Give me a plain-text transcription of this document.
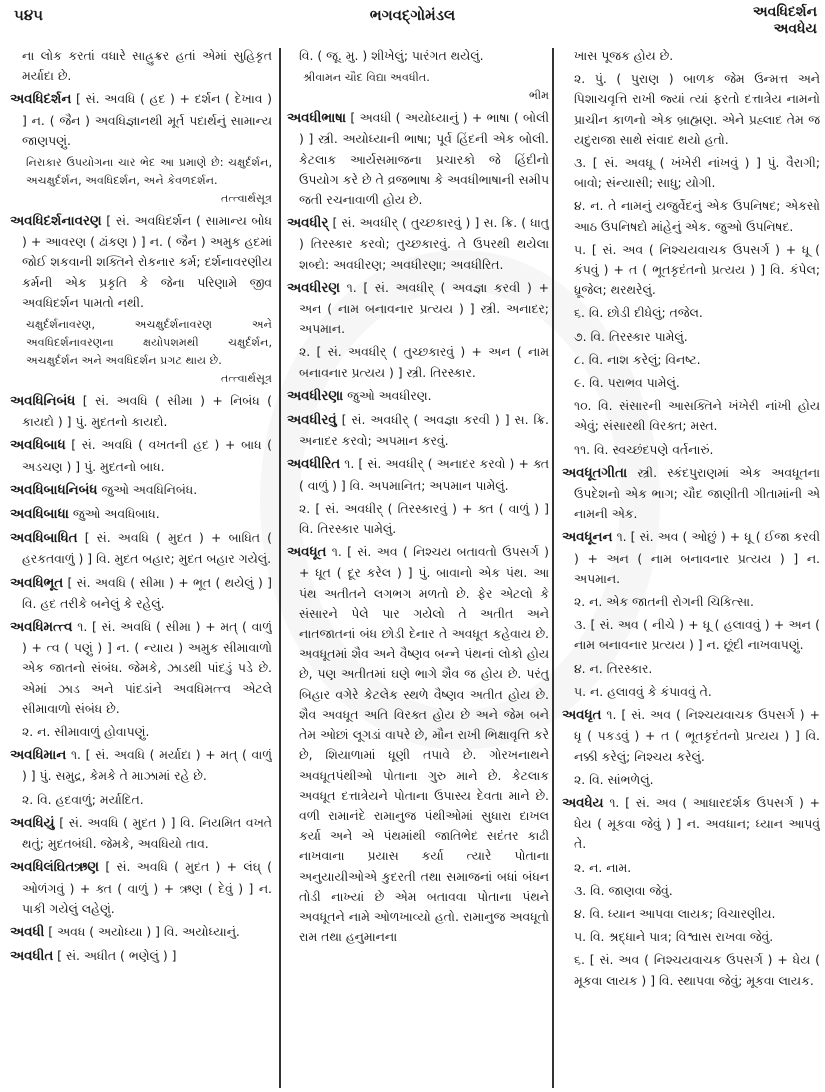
૫૪૫	ભગવદ્ગોમંડલ	અવધિદર્શન
અવધેય
ના લોક કરતાં વધારે સાહ્રુક્રર હતાં એમાં સુહિકૃત મર્યાદા છે.
અવધિદર્શન [ સં. અવધિ ( હદ ) + દર્શન ( દેખાવ ) ] ન. ( જૈન ) અવધિજ્ઞાનથી મૂર્ત પદાર્થનું સામાન્ય જાણપણું.
નિરાકાર ઉપયોગના ચાર ભેદ આ પ્રમાણે છે: ચક્ષુર્દર્શન, અચક્ષુર્દર્શન, અવધિદર્શન, અને કેવળદર્શન.
તત્ત્વાર્થસૂત્ર
અવધિદર્શનાવરણ [ સં. અવધિદર્શન ( સામાન્ય બોધ ) + આવરણ ( ઢાંકણ ) ] ન. ( જૈન ) અમુક હદમાં જોઈ શકવાની શક્તિને રોકનાર કર્મ; દર્શનાવરણીય કર્મની એક પ્રકૃતિ કે જેના પરિણામે જીવ અવધિદર્શન પામતો નથી.
ચક્ષુર્દર્શનાવરણ, અચક્ષુર્દર્શનાવરણ અને અવધિદર્શનાવરણના ક્ષયોપશમથી ચક્ષુર્દર્શન, અચક્ષુર્દર્શન અને અવધિદર્શન પ્રગટ થાય છે.
તત્ત્વાર્થસૂત્ર
અવધિનિબંધ [ સં. અવધિ ( સીમા ) + નિબંધ ( કાયદો ) ] પું. મુદતનો કાયદો.
અવધિબાધ [ સં. અવધિ ( વખતની હદ ) + બાધ ( અડચણ ) ] પું. મુદતનો બાધ.
અવધિબાધનિબંધ જુઓ અવધિનિબંધ.
અવધિબાધા જુઓ અવધિબાધ.
અવધિબાધિત [ સં. અવધિ ( મુદત ) + બાધિત ( હરકતવાળું ) ] વિ. મુદત બહાર; મુદત બહાર ગયેલું.
અવધિભૂત [ સં. અવધિ ( સીમા ) + ભૂત ( થયેલું ) ] વિ. હદ તરીકે બનેલું કે રહેલું.
અવધિમત્ત્વ ૧. [ સં. અવધિ ( સીમા ) + મત્ ( વાળું ) + ત્વ ( પણું ) ] ન. ( ન્યાય ) અમુક સીમાવાળો એક જાતનો સંબંધ. જેમકે, ઝાડથી પાંદડું પડે છે. એમાં ઝાડ અને પાંદડાંને અવધિમત્ત્વ એટલે સીમાવાળો સંબંધ છે.
૨. ન. સીમાવાળું હોવાપણું.
અવધિમાન ૧. [ સં. અવધિ ( મર્યાદા ) + મત્ ( વાળું ) ] પું. સમુદ્ર, કેમકે તે માઝામાં રહે છે.
૨. વિ. હદવાળું; મર્યાદિત.
અવધિયું [ સં. અવધિ ( મુદત ) ] વિ. નિયમિત વખતે થતું; મુદતબંધી. જેમકે, અવધિયો તાવ.
અવધિલંઘિતઋણ [ સં. અવધિ ( મુદત ) + લંઘ્ ( ઓળંગવું ) + ક્ત ( વાળું ) + ઋણ ( દેવું ) ] ન. પાકી ગયેલું લહેણું.
અવધી [ અવધ ( અયોધ્યા ) ] વિ. અયોધ્યાનું.
અવધીત [ સં. અધીત ( ભણેલું ) ]
વિ. ( જૂ. મુ. ) શીખેલું; પારંગત થયેલું.
શ્રીવામન ચૌદ વિદ્યા અવધીત.
ભીમ
અવધીભાષા [ અવધી ( અયોધ્યાનું ) + ભાષા ( બોલી ) ] સ્ત્રી. અયોધ્યાની ભાષા; પૂર્વ હિંદની એક બોલી. કેટલાક આર્યસમાજના પ્રચારકો જે હિંદીનો ઉપયોગ કરે છે તે વ્રજભાષા કે અવધીભાષાની સમીપ જતી રચનાવાળી હોય છે.
અવધીર્ [ સં. અવધીર્ ( તુચ્છકારવું ) ] સ. ક્રિ. ( ધાતુ ) તિરસ્કાર કરવો; તુચ્છકારવું. તે ઉપરથી થયેલા શબ્દો: અવધીરણ; અવધીરણા; અવધીરિત.
અવધીરણ ૧. [ સં. અવધીર્ ( અવજ્ઞા કરવી ) + અન ( નામ બનાવનાર પ્રત્યય ) ] સ્ત્રી. અનાદર; અપમાન.
૨. [ સં. અવધીર્ ( તુચ્છકારવું ) + અન ( નામ બનાવનાર પ્રત્યય ) ] સ્ત્રી. તિરસ્કાર.
અવધીરણા જુઓ અવધીરણ.
અવધીરવું [ સં. અવધીર્ ( અવજ્ઞા કરવી ) ] સ. ક્રિ. અનાદર કરવો; અપમાન કરવું.
અવધીરિત ૧. [ સં. અવધીર્ ( અનાદર કરવો ) + ક્ત ( વાળું ) ] વિ. અપમાનિત; અપમાન પામેલું.
૨. [ સં. અવધીર્ ( તિરસ્કારવું ) + ક્ત ( વાળું ) ] વિ. તિરસ્કાર પામેલું.
અવધૂત ૧. [ સં. અવ ( નિશ્ચય બતાવતો ઉપસર્ગ ) + ધૂત ( દૂર કરેલ ) ] પું. બાવાનો એક પંથ. આ પંથ અતીતને લગભગ મળતો છે. ફેર એટલો કે સંસારને પેલે પાર ગયેલો તે અતીત અને નાતજાતનાં બંધ છોડી દેનાર તે અવધૂત કહેવાય છે. અવધૂતમાં શૈવ અને વૈષ્ણવ બન્ને પંથનાં લોકો હોય છે, પણ અતીતમાં ઘણે ભાગે શૈવ જ હોય છે. પરંતુ બિહાર વગેરે કેટલેક સ્થળે વૈષ્ણવ અતીત હોય છે. શૈવ અવધૂત અતિ વિરક્ત હોય છે અને જેમ બને તેમ ઓછાં લૂગડાં વાપરે છે, મૌન રાખી ભિક્ષાવૃત્તિ કરે છે, શિયાળામાં ધૂણી તપાવે છે. ગોરખનાથને અવધૂતપંથીઓ પોતાના ગુરુ માને છે. કેટલાક અવધૂત દત્તાત્રેયને પોતાના ઉપાસ્ય દેવતા માને છે. વળી રામાનંદે રામાનુજ પંથીઓમાં સુધારા દાખલ કર્યા અને એ પંથમાંથી જાતિભેદ સદંતર કાઢી નાખવાના પ્રયાસ કર્યા ત્યારે પોતાના અનુયાયીઓએ કુદરતી તથા સમાજનાં બધાં બંધન તોડી નાખ્યાં છે એમ બતાવવા પોતાના પંથને અવધૂતને નામે ઓળખાવ્યો હતો. રામાનુજ અવધૂતો રામ તથા હનુમાનના
ખાસ પૂજક હોય છે.
૨. પું. ( પુરાણ ) બાળક જેમ ઉન્મત્ત અને પિશાચવૃત્તિ રાખી જ્યાં ત્યાં ફરતો દત્તાત્રેય નામનો પ્રાચીન કાળનો એક બ્રાહ્મણ. એને પ્રહ્લાદ તેમ જ યદુરાજા સાથે સંવાદ થયો હતો.
૩. [ સં. અવધૂ ( ખંખેરી નાંખવું ) ] પું. વૈરાગી; બાવો; સંન્યાસી; સાધુ; યોગી.
૪. ન. તે નામનું યજુર્વેદનું એક ઉપનિષદ; એકસો આઠ ઉપનિષદો માંહેનું એક. જુઓ ઉપનિષદ.
૫. [ સં. અવ ( નિશ્ચયવાચક ઉપસર્ગ ) + ધૂ ( કંપવું ) + ત ( ભૂતકૃદંતનો પ્રત્યય ) ] વિ. કંપેલ; ધ્રૂજેલ; થરથરેલું.
૬. વિ. છોડી દીધેલું; તજેલ.
૭. વિ. તિરસ્કાર પામેલું.
૮. વિ. નાશ કરેલું; વિનષ્ટ.
૯. વિ. પરાભવ પામેલું.
૧૦. વિ. સંસારની આસક્તિને ખંખેરી નાંખી હોય એવું; સંસારથી વિરક્ત; મસ્ત.
૧૧. વિ. સ્વચ્છંદપણે વર્તનારું.
અવધૂતગીતા સ્ત્રી. સ્કંદપુરાણમાં એક અવધૂતના ઉપદેશનો એક ભાગ; ચૌદ જાણીતી ગીતામાંની એ નામની એક.
અવધૂનન ૧. [ સં. અવ ( ઓછું ) + ધૂ ( ઈજા કરવી ) + અન ( નામ બનાવનાર પ્રત્યય ) ] ન. અપમાન.
૨. ન. એક જાતની રોગની ચિકિત્સા.
૩. [ સં. અવ ( નીચે ) + ધૂ ( હલાવવું ) + અન ( નામ બનાવનાર પ્રત્યય ) ] ન. છૂંદી નાખવાપણું.
૪. ન. તિરસ્કાર.
૫. ન. હલાવવું કે કંપાવવું તે.
અવધૃત ૧. [ સં. અવ ( નિશ્ચયવાચક ઉપસર્ગ ) + ધૃ ( પકડવું ) + ત ( ભૂતકૃદંતનો પ્રત્યય ) ] વિ. નક્કી કરેલું; નિશ્ચય કરેલું.
૨. વિ. સાંભળેલું.
અવધેય ૧. [ સં. અવ ( આધારદર્શક ઉપસર્ગ ) + ધેય ( મૂકવા જેવું ) ] ન. અવધાન; ધ્યાન આપવું તે.
૨. ન. નામ.
૩. વિ. જાણવા જેવું.
૪. વિ. ધ્યાન આપવા લાયક; વિચારણીય.
૫. વિ. શ્રદ્ધાને પાત્ર; વિશ્વાસ રાખવા જેવું.
૬. [ સં. અવ ( નિશ્ચયવાચક ઉપસર્ગ ) + ધેય ( મૂકવા લાયક ) ] વિ. સ્થાપવા જેવું; મૂકવા લાયક.
